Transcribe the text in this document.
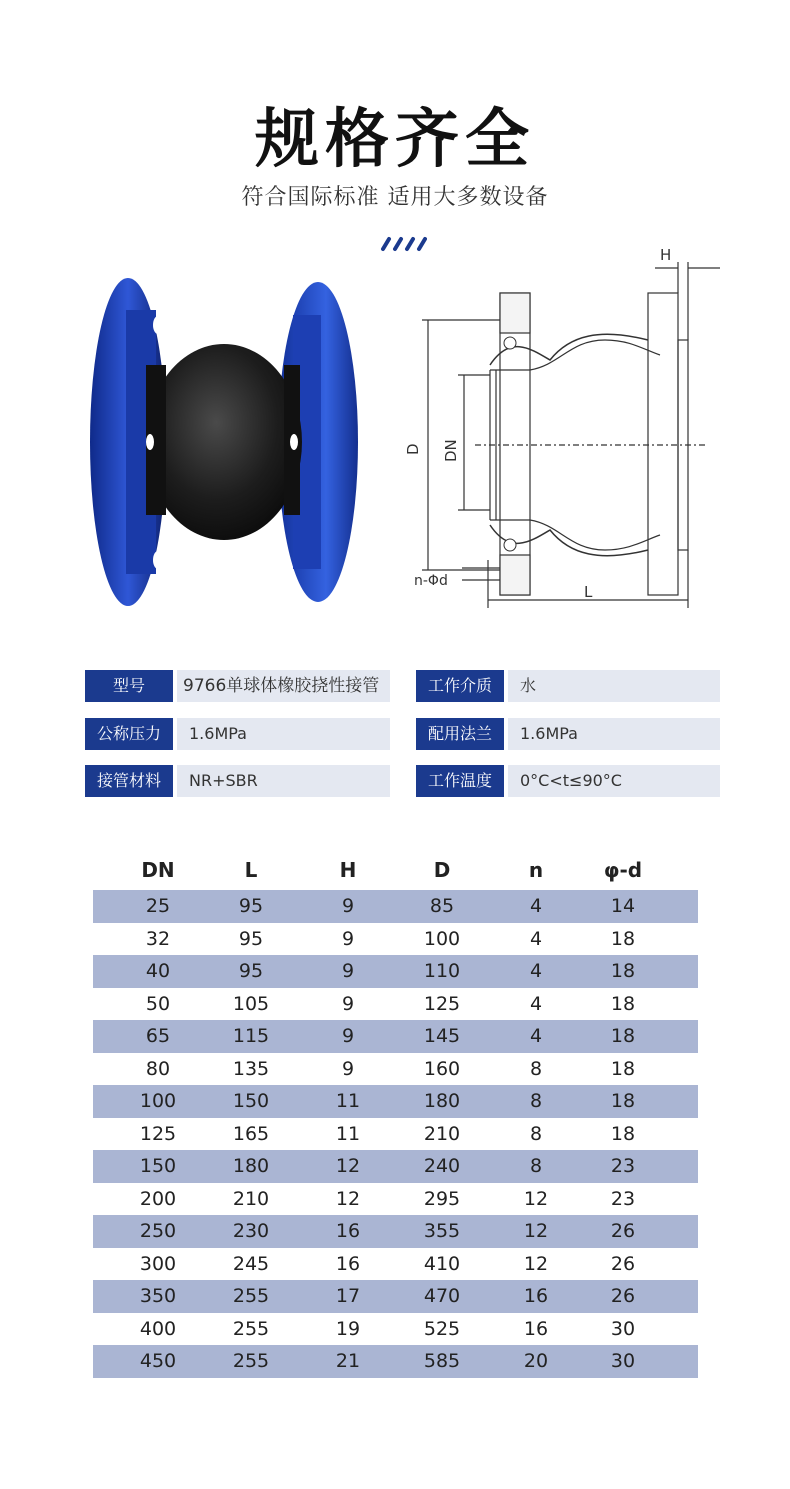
规格齐全
符合国际标准 适用大多数设备
H
D DN
n-Φd
L
型号	9766单球体橡胶挠性接管	工作介质	水
公称压力	1.6MPa	配用法兰	1.6MPa
接管材料	NR+SBR	工作温度	0°C<t≤90°C
DN	L	H	D	n	φ-d
25	95	9	85	4	14
32	95	9	100	4	18
40	95	9	110	4	18
50	105	9	125	4	18
65	115	9	145	4	18
80	135	9	160	8	18
100	150	11	180	8	18
125	165	11	210	8	18
150	180	12	240	8	23
200	210	12	295	12	23
250	230	16	355	12	26
300	245	16	410	12	26
350	255	17	470	16	26
400	255	19	525	16	30
450	255	21	585	20	30
